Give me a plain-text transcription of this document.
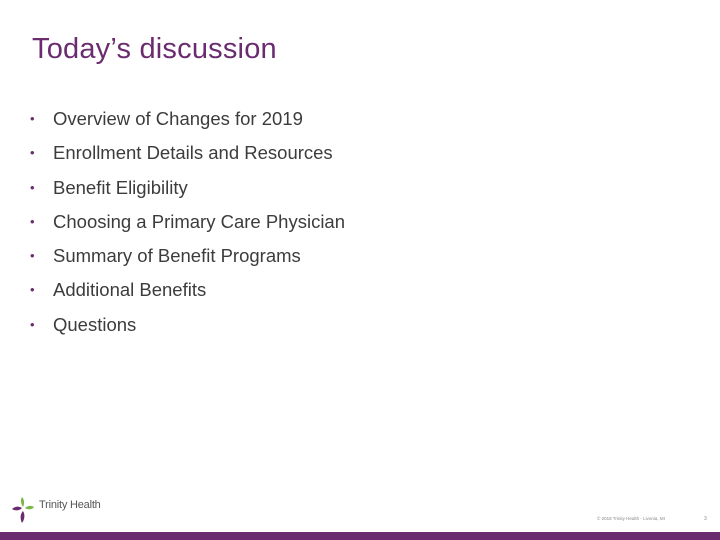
Today’s discussion
• Overview of Changes for 2019
• Enrollment Details and Resources
• Benefit Eligibility
• Choosing a Primary Care Physician
• Summary of Benefit Programs
• Additional Benefits
• Questions
Trinity Health
© 2018 Trinity Health - Livonia, MI	3
